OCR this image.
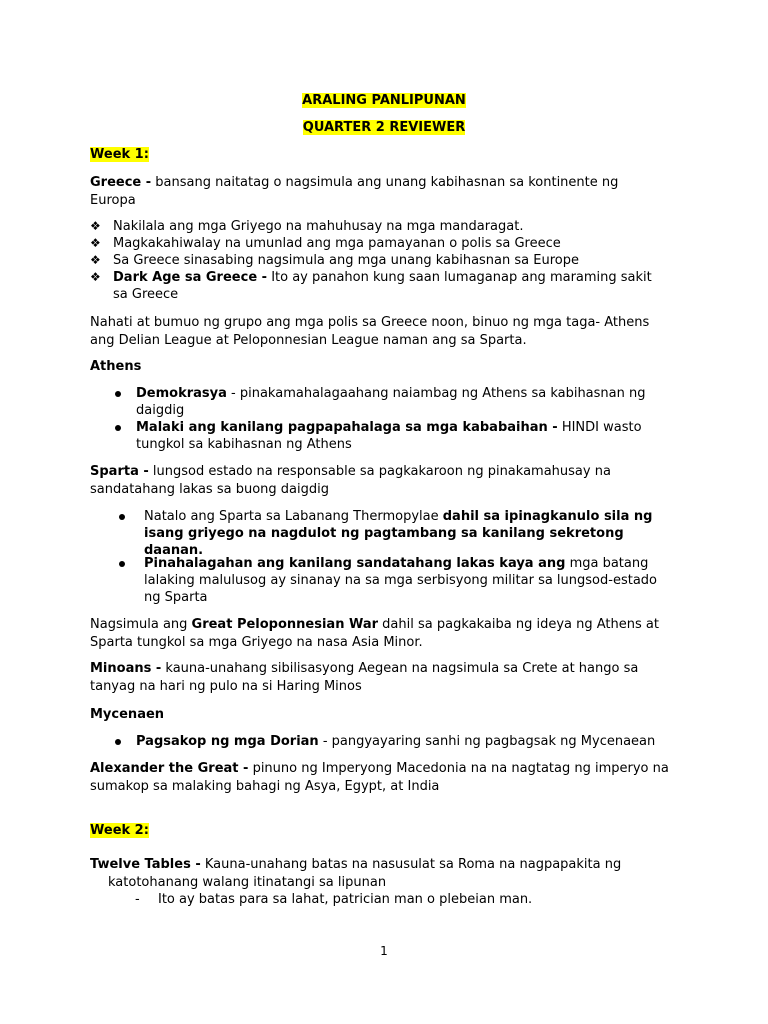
ARALING PANLIPUNAN
QUARTER 2 REVIEWER
Week 1:
Greece - bansang naitatag o nagsimula ang unang kabihasnan sa kontinente ng
Europa
❖ Nakilala ang mga Griyego na mahuhusay na mga mandaragat.

❖ Magkakahiwalay na umunlad ang mga pamayanan o polis sa Greece

❖ Sa Greece sinasabing nagsimula ang mga unang kabihasnan sa Europe

❖ Dark Age sa Greece - Ito ay panahon kung saan lumaganap ang maraming sakit
sa Greece

Nahati at bumuo ng grupo ang mga polis sa Greece noon, binuo ng mga taga- Athens
ang Delian League at Peloponnesian League naman ang sa Sparta.
Athens

Demokrasya - pinakamahalagaahang naiambag ng Athens sa kabihasnan ng
daigdig

Malaki ang kanilang pagpapahalaga sa mga kababaihan - HINDI wasto
tungkol sa kabihasnan ng Athens

Sparta - lungsod estado na responsable sa pagkakaroon ng pinakamahusay na
sandatahang lakas sa buong daigdig

Natalo ang Sparta sa Labanang Thermopylae dahil sa ipinagkanulo sila ng
isang griyego na nagdulot ng pagtambang sa kanilang sekretong
daanan.

Pinahalagahan ang kanilang sandatahang lakas kaya ang mga batang
lalaking malulusog ay sinanay na sa mga serbisyong militar sa lungsod-estado
ng Sparta

Nagsimula ang Great Peloponnesian War dahil sa pagkakaiba ng ideya ng Athens at
Sparta tungkol sa mga Griyego na nasa Asia Minor.
Minoans - kauna-unahang sibilisasyong Aegean na nagsimula sa Crete at hango sa
tanyag na hari ng pulo na si Haring Minos
Mycenaen

Pagsakop ng mga Dorian - pangyayaring sanhi ng pagbagsak ng Mycenaean

Alexander the Great - pinuno ng Imperyong Macedonia na na nagtatag ng imperyo na
sumakop sa malaking bahagi ng Asya, Egypt, at India
Week 2:
Twelve Tables - Kauna-unahang batas na nasusulat sa Roma na nagpapakita ng
katotohanang walang itinatangi sa lipunan
- Ito ay batas para sa lahat, patrician man o plebeian man.

1
